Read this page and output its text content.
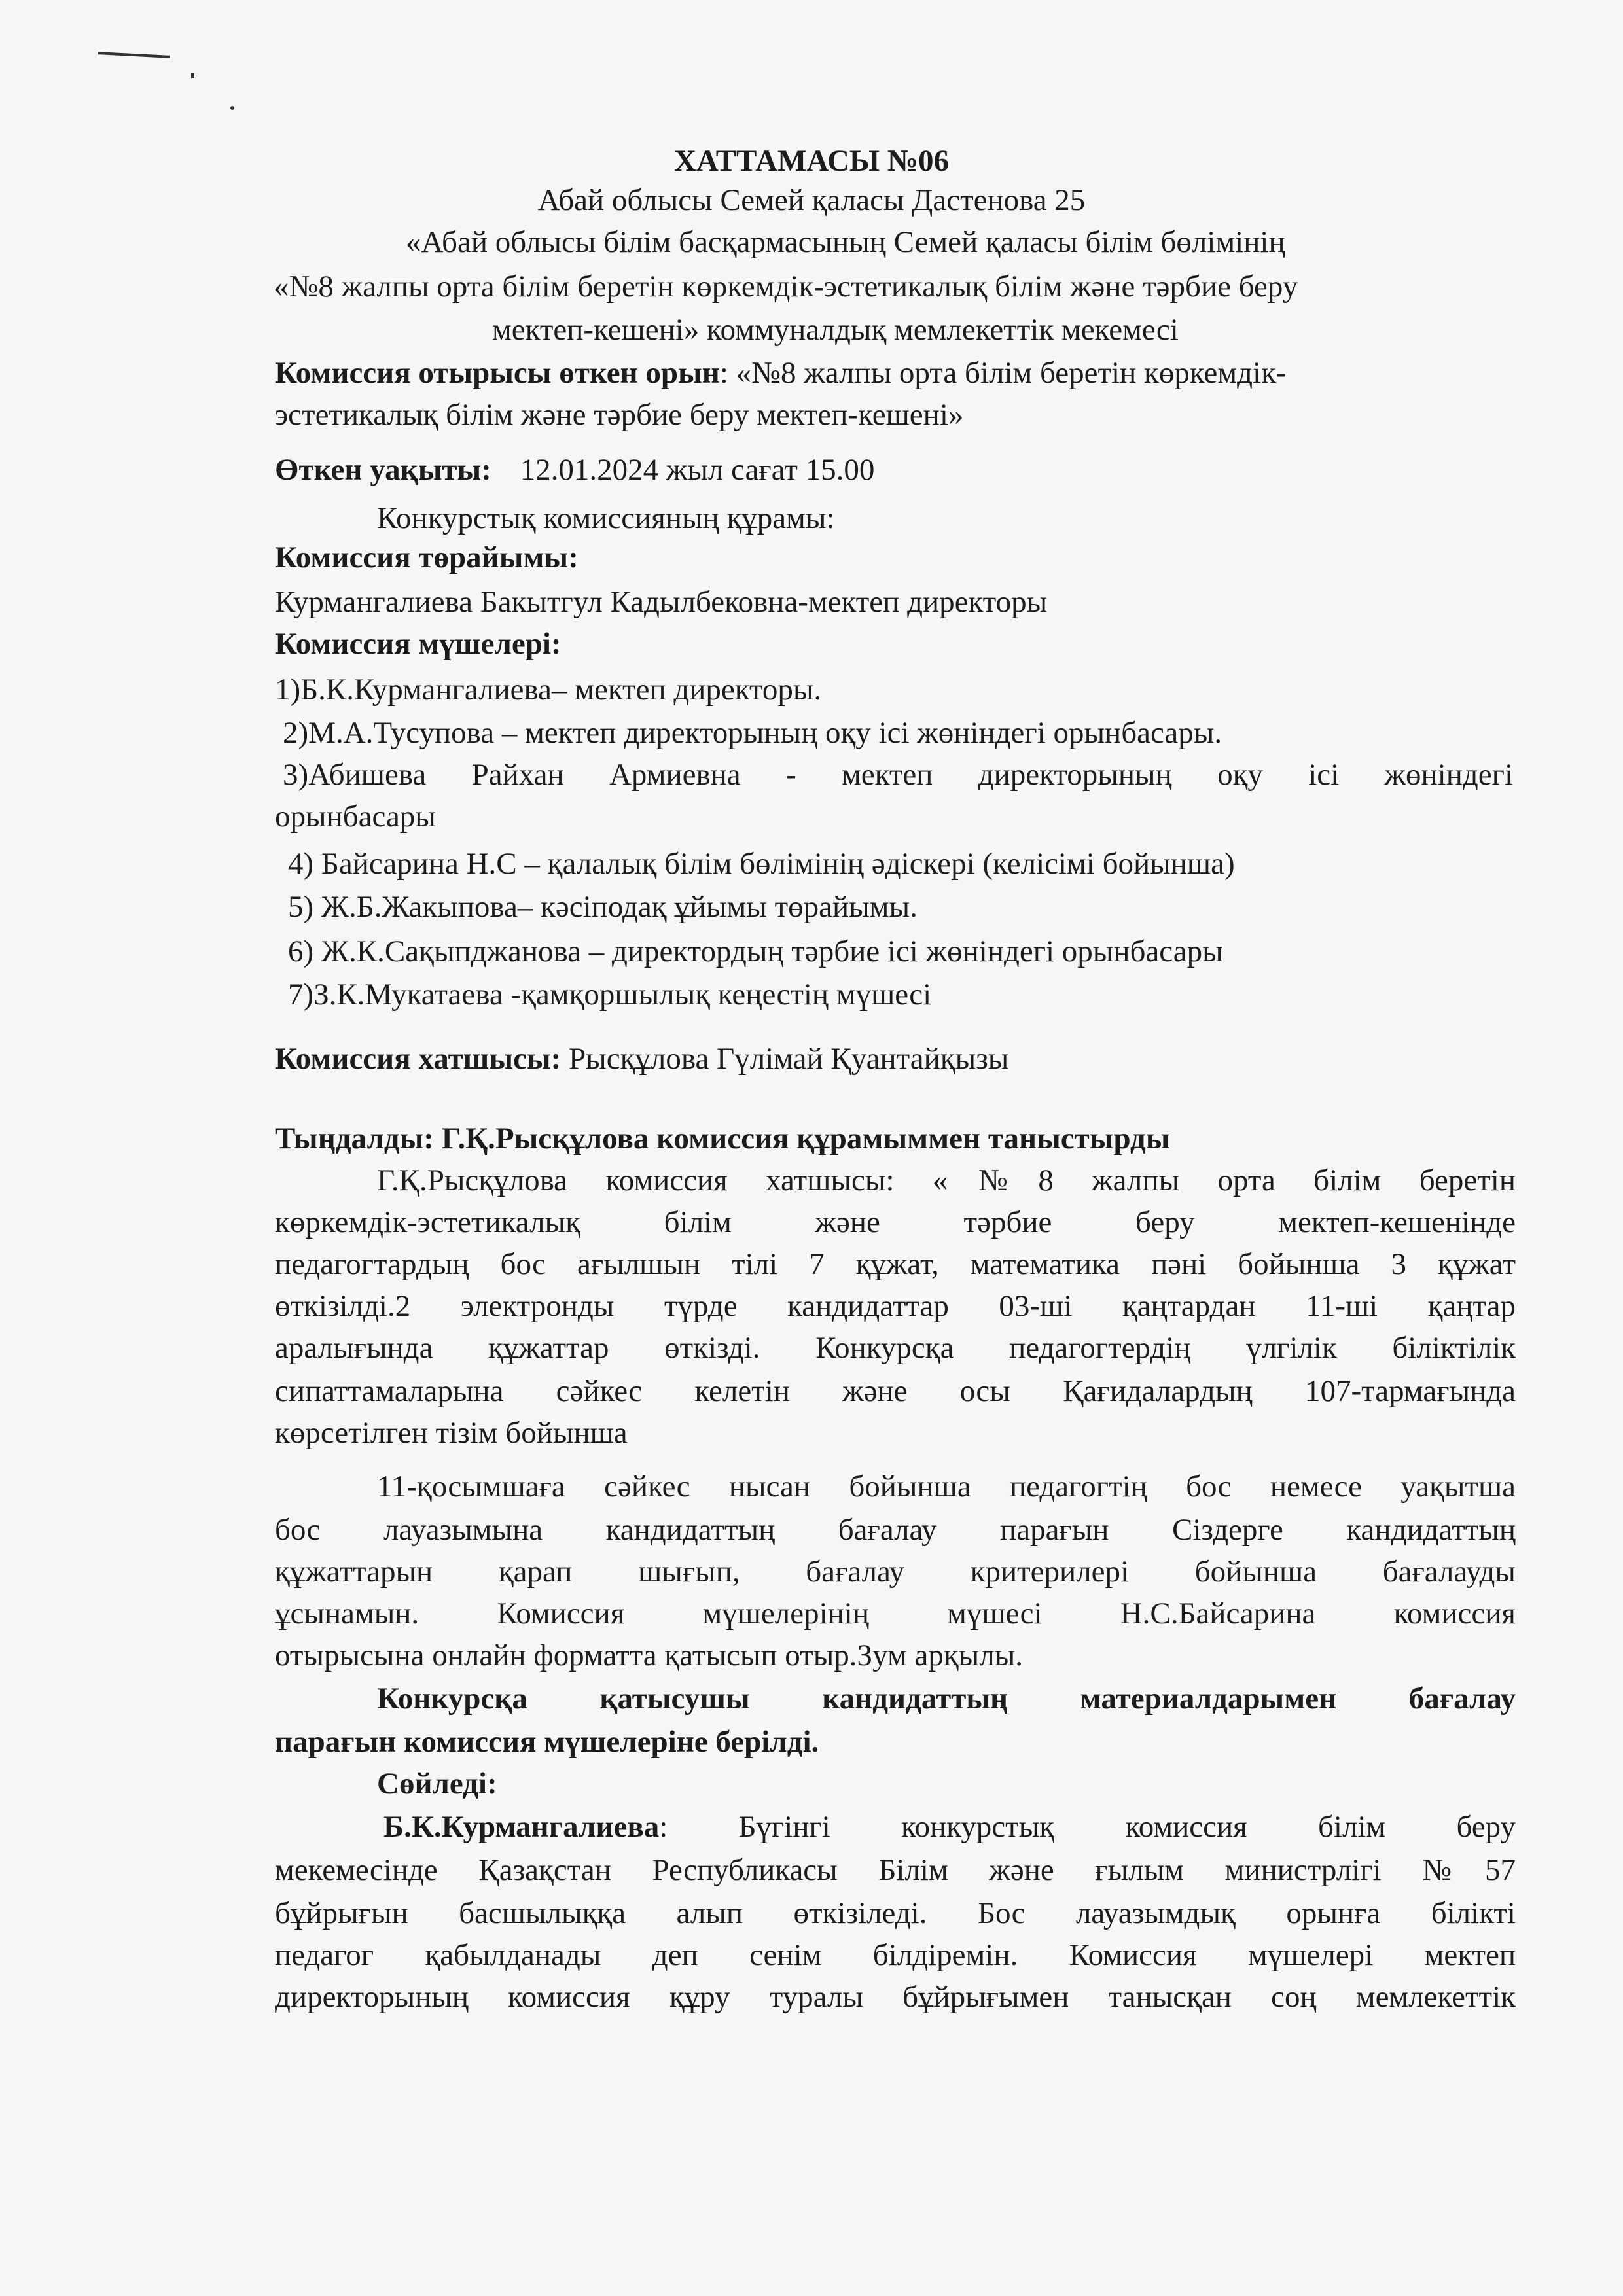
ХАТТАМАСЫ №06
Абай облысы Семей қаласы Дастенова 25
«Абай облысы білім басқармасының Семей қаласы білім бөлімінің
«№8 жалпы орта білім беретін көркемдік-эстетикалық білім және тәрбие беру
мектеп-кешені» коммуналдық мемлекеттік мекемесі
Комиссия отырысы өткен орын: «№8 жалпы орта білім беретін көркемдік-
эстетикалық білім және тәрбие беру мектеп-кешені»
Өткен уақыты: 12.01.2024 жыл сағат 15.00
Конкурстық комиссияның құрамы:
Комиссия төрайымы:
Курмангалиева Бакытгул Кадылбековна-мектеп директоры
Комиссия мүшелері:
1)Б.К.Курмангалиева– мектеп директоры.
2)М.А.Тусупова – мектеп директорының оқу ісі жөніндегі орынбасары.
3)Абишева Райхан Армиевна - мектеп директорының оқу ісі жөніндегі
орынбасары
4) Байсарина Н.С – қалалық білім бөлімінің әдіскері (келісімі бойынша)
5) Ж.Б.Жакыпова– кәсіподақ ұйымы төрайымы.
6) Ж.К.Сақыпджанова – директордың тәрбие ісі жөніндегі орынбасары
7)З.К.Мукатаева -қамқоршылық кеңестің мүшесі
Комиссия хатшысы: Рысқұлова Гүлімай Қуантайқызы
Тыңдалды: Г.Қ.Рысқұлова комиссия құрамыммен таныстырды
Г.Қ.Рысқұлова комиссия хатшысы: «№8 жалпы орта білім беретін
көркемдік-эстетикалық білім және тәрбие беру мектеп-кешенінде
педагогтардың бос ағылшын тілі 7 құжат, математика пәні бойынша 3 құжат
өткізілді.2 электронды түрде кандидаттар 03-ші қаңтардан 11-ші қаңтар
аралығында құжаттар өткізді. Конкурсқа педагогтердің үлгілік біліктілік
сипаттамаларына сәйкес келетін және осы Қағидалардың 107-тармағында
көрсетілген тізім бойынша
11-қосымшаға сәйкес нысан бойынша педагогтің бос немесе уақытша
бос лауазымына кандидаттың бағалау парағын Сіздерге кандидаттың
құжаттарын қарап шығып, бағалау критерилері бойынша бағалауды
ұсынамын. Комиссия мүшелерінің мүшесі Н.С.Байсарина комиссия
отырысына онлайн форматта қатысып отыр.Зум арқылы.
Конкурсқа қатысушы кандидаттың материалдарымен бағалау
парағын комиссия мүшелеріне берілді.
Сөйледі:
Б.К.Курмангалиева : Бүгінгі конкурстық комиссия білім беру
мекемесінде Қазақстан Республикасы Білім және ғылым министрлігі №57
бұйрығын басшылыққа алып өткізіледі. Бос лауазымдық орынға білікті
педагог қабылданады деп сенім білдіремін. Комиссия мүшелері мектеп
директорының комиссия құру туралы бұйрығымен танысқан соң мемлекеттік
